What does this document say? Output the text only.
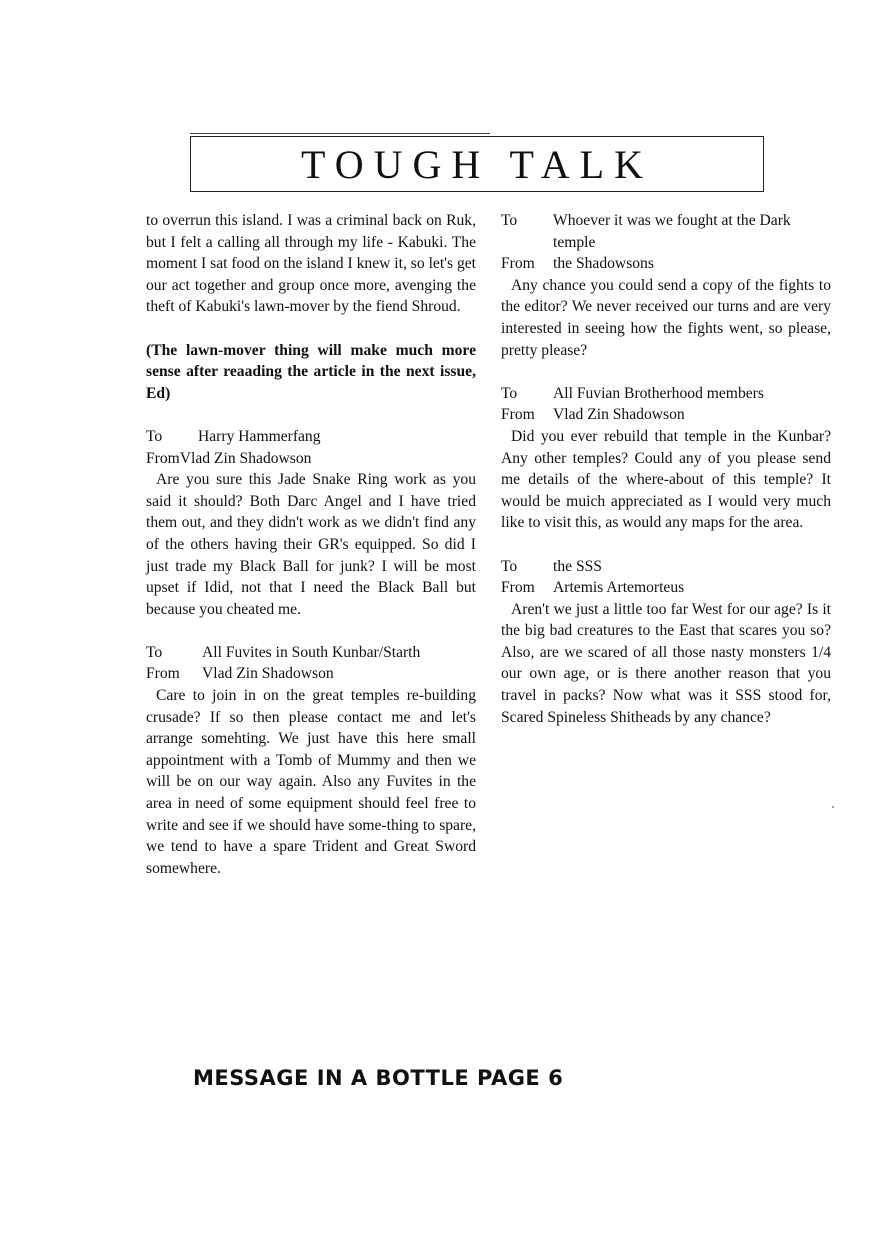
TOUGH TALK

to overrun this island. I was a criminal back on Ruk, but I felt a calling all through my life - Kabuki. The moment I sat food on the island I knew it, so let's get our act together and group once more, avenging the theft of Kabuki's lawn-mover by the fiend Shroud.

(The lawn-mover thing will make much more sense after reaading the article in the next issue, Ed)

To	Harry Hammerfang
From Vlad Zin Shadowson

Are you sure this Jade Snake Ring work as you said it should? Both Darc Angel and I have tried them out, and they didn't work as we didn't find any of the others having their GR's equipped. So did I just trade my Black Ball for junk? I will be most upset if Idid, not that I need the Black Ball but because you cheated me.

To	All Fuvites in South Kunbar/Starth
From	Vlad Zin Shadowson

Care to join in on the great temples re-building crusade? If so then please contact me and let's arrange somehting. We just have this here small appointment with a Tomb of Mummy and then we will be on our way again. Also any Fuvites in the area in need of some equipment should feel free to write and see if we should have some-thing to spare, we tend to have a spare Trident and Great Sword somewhere.

To	Whoever it was we fought at the Dark temple
From	the Shadowsons

Any chance you could send a copy of the fights to the editor? We never received our turns and are very interested in seeing how the fights went, so please, pretty please?

To	All Fuvian Brotherhood members
From	Vlad Zin Shadowson

Did you ever rebuild that temple in the Kunbar? Any other temples? Could any of you please send me details of the where-about of this temple? It would be muich appreciated as I would very much like to visit this, as would any maps for the area.

To	the SSS
From	Artemis Artemorteus

Aren't we just a little too far West for our age? Is it the big bad creatures to the East that scares you so? Also, are we scared of all those nasty monsters 1/4 our own age, or is there another reason that you travel in packs? Now what was it SSS stood for, Scared Spineless Shitheads by any chance?

MESSAGE IN A BOTTLE PAGE 6
